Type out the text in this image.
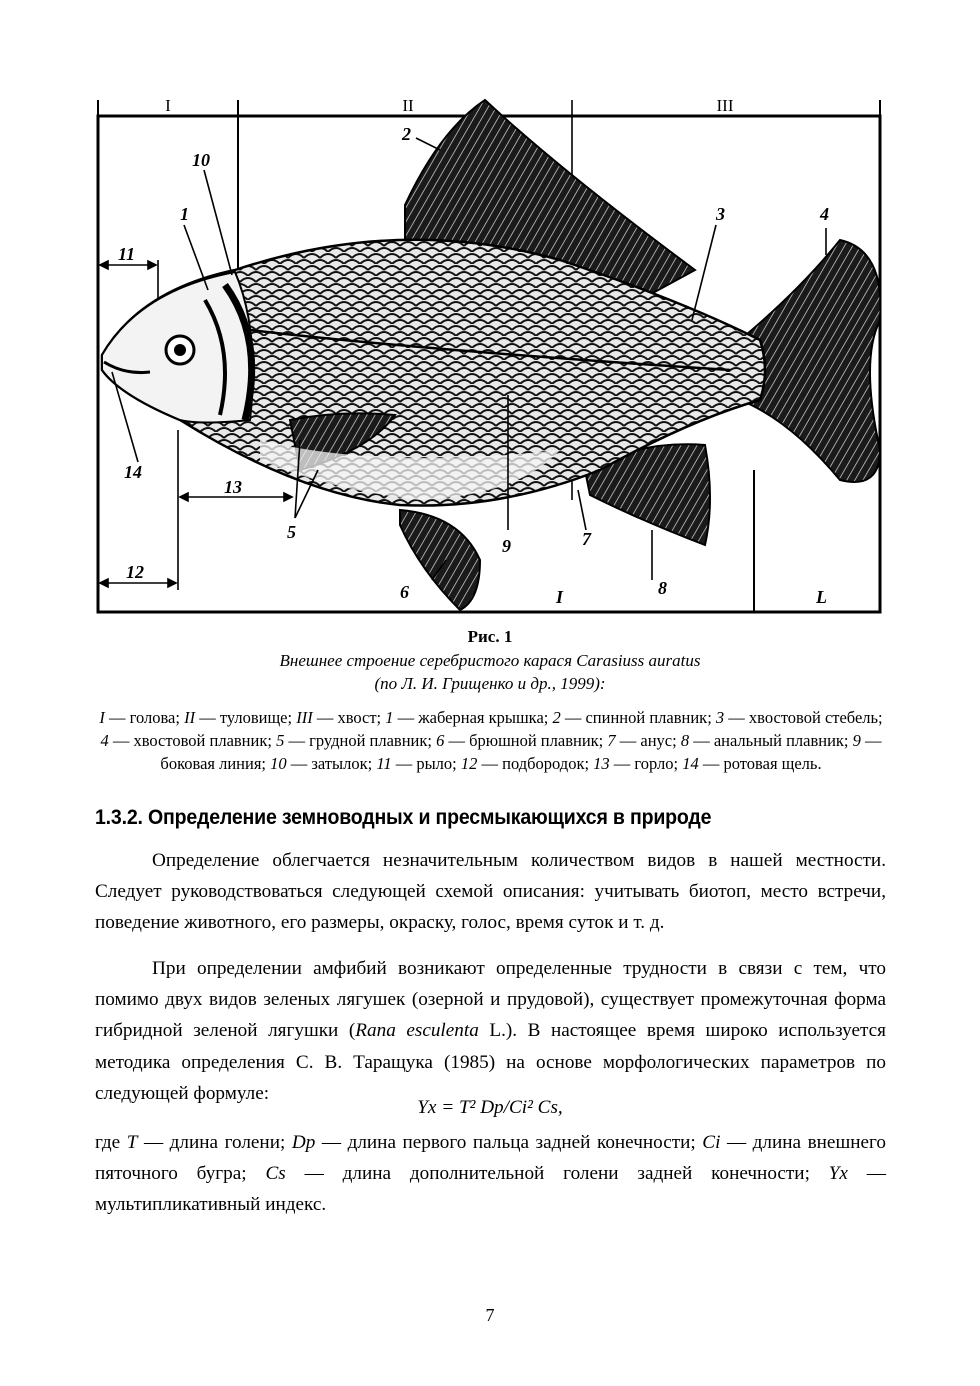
I	II	III
1
2
3	4
5
6
7
8
9
10
11
12
13
14
I	L
Рис. 1
Внешнее строение серебристого карася Carasiuss auratus
(по Л. И. Грищенко и др., 1999):
I — голова; II — туловище; III — хвост; 1 — жаберная крышка; 2 — спинной плавник; 3 — хвостовой стебель; 4 — хвостовой плавник; 5 — грудной плавник; 6 — брюшной плавник; 7 — анус; 8 — анальный плавник; 9 — боковая линия; 10 — затылок; 11 — рыло; 12 — подбородок; 13 — горло; 14 — ротовая щель.
1.3.2. Определение земноводных и пресмыкающихся в природе

Определение облегчается незначительным количеством видов в нашей местности. Следует руководствоваться следующей схемой описания: учитывать биотоп, место встречи, поведение животного, его размеры, окраску, голос, время суток и т. д.

При определении амфибий возникают определенные трудности в связи с тем, что помимо двух видов зеленых лягушек (озерной и прудовой), существует промежуточная форма гибридной зеленой лягушки (Rana esculenta L.). В настоящее время широко используется методика определения С. В. Таращука (1985) на основе морфологических параметров по следующей формуле:

Yx = T² Dp/Ci² Cs,

где T — длина голени; Dp — длина первого пальца задней конечности; Ci — длина внешнего пяточного бугра; Cs — длина дополнительной голени задней конечности; Yx — мультипликативный индекс.

7
